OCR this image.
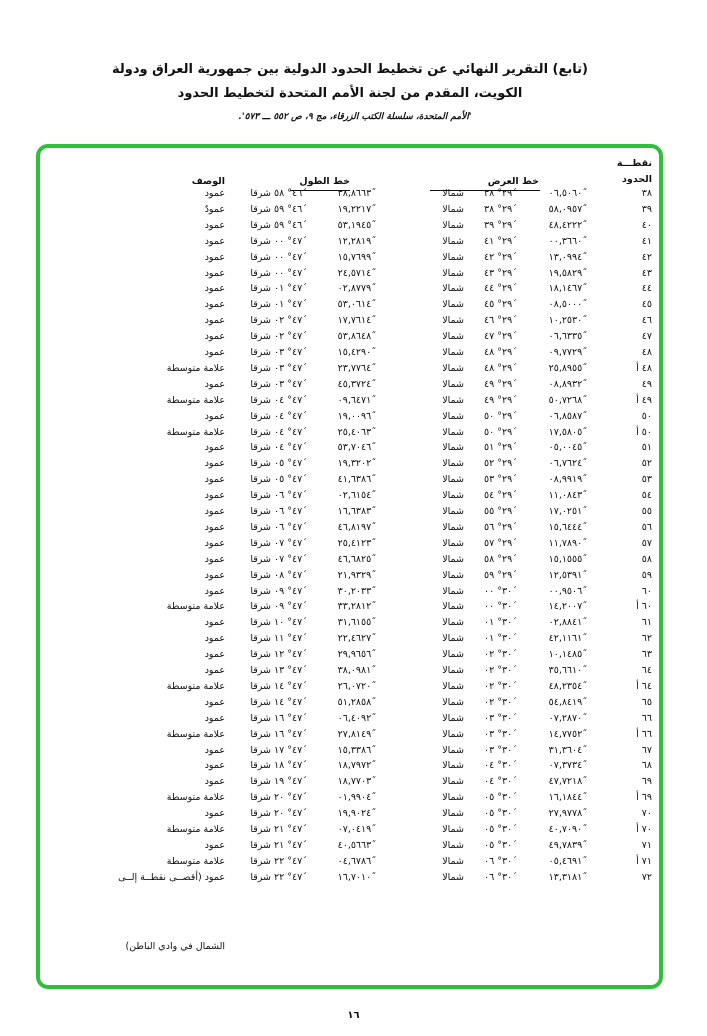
(تابع) التقرير النهائي عن تخطيط الحدود الدولية بين جمهورية العراق ودولة
الكويت، المقدم من لجنة الأمم المتحدة لتخطيط الحدود
'الأمم المتحدة، سلسلة الكتب الزرقاء، مج ٩، ص ٥٥٢ ـــ ٥٧٣'.
نقطـــة
الحدود
خط العرض
خط الطول
الوصف
٣٨
٠٦,٥٠٦٠˝
٢٩° ٣٨´
شمالا
٣٨,٨٦٦٣˝
٤٦° ٥٨´
شرقا
عمود
٣٩
٥٨,٠٩٥٧˝
٢٩° ٣٨´
شمالا
١٩,٢٢١٧˝
٤٦° ٥٩´
شرقا
عمودٌ
٤٠
٤٨,٤٢٢٢˝
٢٩° ٣٩´
شمالا
٥٣,١٩٤٥˝
٤٦° ٥٩´
شرقا
عمود
٤١
٠٠,٣٦٦٠˝
٢٩° ٤١´
شمالا
١٢,٢٨١٩˝
٤٧° ٠٠´
شرقا
عمود
٤٢
١٣,٠٩٩٤˝
٢٩° ٤٢´
شمالا
١٥,٧٦٩٩˝
٤٧° ٠٠´
شرقا
عمود
٤٣
١٩,٥٨٢٩˝
٢٩° ٤٣´
شمالا
٢٤,٥٧١٤˝
٤٧° ٠٠´
شرقا
عمود
٤٤
١٨,١٤٦٧˝
٢٩° ٤٤´
شمالا
٠٢,٨٧٧٩˝
٤٧° ٠١´
شرقا
عمود
٤٥
٠٨,٥٠٠٠˝
٢٩° ٤٥´
شمالا
٥٣,٠٦١٤˝
٤٧° ٠١´
شرقا
عمود
٤٦
١٠,٢٥٣٠˝
٢٩° ٤٦´
شمالا
١٧,٧٦١٤˝
٤٧° ٠٢´
شرقا
عمود
٤٧
٠٦,٦٣٣٥˝
٢٩° ٤٧´
شمالا
٥٣,٨٦٤٨˝
٤٧° ٠٢´
شرقا
عمود
٤٨
٠٩,٧٧٢٩˝
٢٩° ٤٨´
شمالا
١٥,٤٢٩٠˝
٤٧° ٠٣´
شرقا
عمود
٤٨ أ
٢٥,٨٩٥٥˝
٢٩° ٤٨´
شمالا
٢٣,٧٧٦٤˝
٤٧° ٠٣´
شرقا
علامة متوسطة
٤٩
٠٨,٨٩٣٢˝
٢٩° ٤٩´
شمالا
٤٥,٣٧٢٤˝
٤٧° ٠٣´
شرقا
عمود
٤٩ أ
٥٠,٧٢٦٨˝
٢٩° ٤٩´
شمالا
٠٩,٦٤٧١˝
٤٧° ٠٤´
شرقا
علامة متوسطة
٥٠
٠٦,٨٥٨٧˝
٢٩° ٥٠´
شمالا
١٩,٠٠٩٦˝
٤٧° ٠٤´
شرقا
عمود
٥٠ أ
١٧,٥٨٠٥˝
٢٩° ٥٠´
شمالا
٢٥,٤٠٦٣˝
٤٧° ٠٤´
شرقا
علامة متوسطة
٥١
٠٥,٠٠٤٥˝
٢٩° ٥١´
شمالا
٥٣,٧٠٤٦˝
٤٧° ٠٤´
شرقا
عمود
٥٢
٠٦,٧٦٢٤˝
٢٩° ٥٢´
شمالا
١٩,٣٢٠٢˝
٤٧° ٠٥´
شرقا
عمود
٥٣
٠٨,٩٩١٩˝
٢٩° ٥٣´
شمالا
٤١,٦٣٨٦˝
٤٧° ٠٥´
شرقا
عمود
٥٤
١١,٠٨٤٣˝
٢٩° ٥٤´
شمالا
٠٢,٦١٥٤˝
٤٧° ٠٦´
شرقا
عمود
٥٥
١٧,٠٢٥١˝
٢٩° ٥٥´
شمالا
١٦,٦٣٨٣˝
٤٧° ٠٦´
شرقا
عمود
٥٦
١٥,٦٤٤٤˝
٢٩° ٥٦´
شمالا
٤٦,٨١٩٧˝
٤٧° ٠٦´
شرقا
عمود
٥٧
١١,٧٨٩٠˝
٢٩° ٥٧´
شمالا
٢٥,٤١٢٣˝
٤٧° ٠٧´
شرقا
عمود
٥٨
١٥,١٥٥٥˝
٢٩° ٥٨´
شمالا
٤٦,٦٨٢٥˝
٤٧° ٠٧´
شرقا
عمود
٥٩
١٢,٥٣٩١˝
٢٩° ٥٩´
شمالا
٢١,٩٣٢٩˝
٤٧° ٠٨´
شرقا
عمود
٦٠
٠٠,٩٥٠٦˝
٣٠° ٠٠´
شمالا
٣٠,٢٠٣٣˝
٤٧° ٠٩´
شرقا
عمود
٦٠ أ
١٤,٢٠٠٧˝
٣٠° ٠٠´
شمالا
٣٣,٢٨١٢˝
٤٧° ٠٩´
شرقا
علامة متوسطة
٦١
٠٢,٨٨٤١˝
٣٠° ٠١´
شمالا
٣١,٦١٥٥˝
٤٧° ١٠´
شرقا
عمود
٦٢
٤٢,١١٦١˝
٣٠° ٠١´
شمالا
٢٢,٤٦٢٧˝
٤٧° ١١´
شرقا
عمود
٦٣
١٠,١٤٨٥˝
٣٠° ٠٢´
شمالا
٢٩,٩٦٥٦˝
٤٧° ١٢´
شرقا
عمود
٦٤
٣٥,٦٦١٠˝
٣٠° ٠٢´
شمالا
٣٨,٠٩٨١˝
٤٧° ١٣´
شرقا
عمود
٦٤ أ
٤٨,٢٣٥٤˝
٣٠° ٠٢´
شمالا
٢٦,٠٧٢٠˝
٤٧° ١٤´
شرقا
علامة متوسطة
٦٥
٥٤,٨٤١٩˝
٣٠° ٠٢´
شمالا
٥١,٢٨٥٨˝
٤٧° ١٤´
شرقا
عمود
٦٦
٠٧,٢٨٧٠˝
٣٠° ٠٣´
شمالا
٠٦,٤٠٩٢˝
٤٧° ١٦´
شرقا
عمود
٦٦ أ
١٤,٧٧٥٢˝
٣٠° ٠٣´
شمالا
٢٧,٨١٤٩˝
٤٧° ١٦´
شرقا
علامة متوسطة
٦٧
٣١,٣٦٠٤˝
٣٠° ٠٣´
شمالا
١٥,٣٣٨٦˝
٤٧° ١٧´
شرقا
عمود
٦٨
٠٧,٣٧٣٤˝
٣٠° ٠٤´
شمالا
١٨,٧٩٧٢˝
٤٧° ١٨´
شرقا
عمود
٦٩
٤٧,٧٢١٨˝
٣٠° ٠٤´
شمالا
١٨,٧٧٠٣˝
٤٧° ١٩´
شرقا
عمود
٦٩ أ
١٦,١٨٤٤˝
٣٠° ٠٥´
شمالا
٠١,٩٩٠٤˝
٤٧° ٢٠´
شرقا
علامة متوسطة
٧٠
٢٧,٩٧٧٨˝
٣٠° ٠٥´
شمالا
١٩,٩٠٢٤˝
٤٧° ٢٠´
شرقا
عمود
٧٠ أ
٤٠,٧٠٩٠˝
٣٠° ٠٥´
شمالا
٠٧,٠٤١٩˝
٤٧° ٢١´
شرقا
علامة متوسطة
٧١
٤٩,٧٨٣٩˝
٣٠° ٠٥´
شمالا
٤٠,٥٦٦٣˝
٤٧° ٢١´
شرقا
عمود
٧١ أ
٠٥,٤٦٩١˝
٣٠° ٠٦´
شمالا
٠٤,٦٧٨٦˝
٤٧° ٢٢´
شرقا
علامة متوسطة
٧٢
١٣,٣١٨١˝
٣٠° ٠٦´
شمالا
١٦,٧٠١٠˝
٤٧° ٢٢´
شرقا
عمود (أقصــى نقطــة إلــى
الشمال في وادي الباطن)
١٦
